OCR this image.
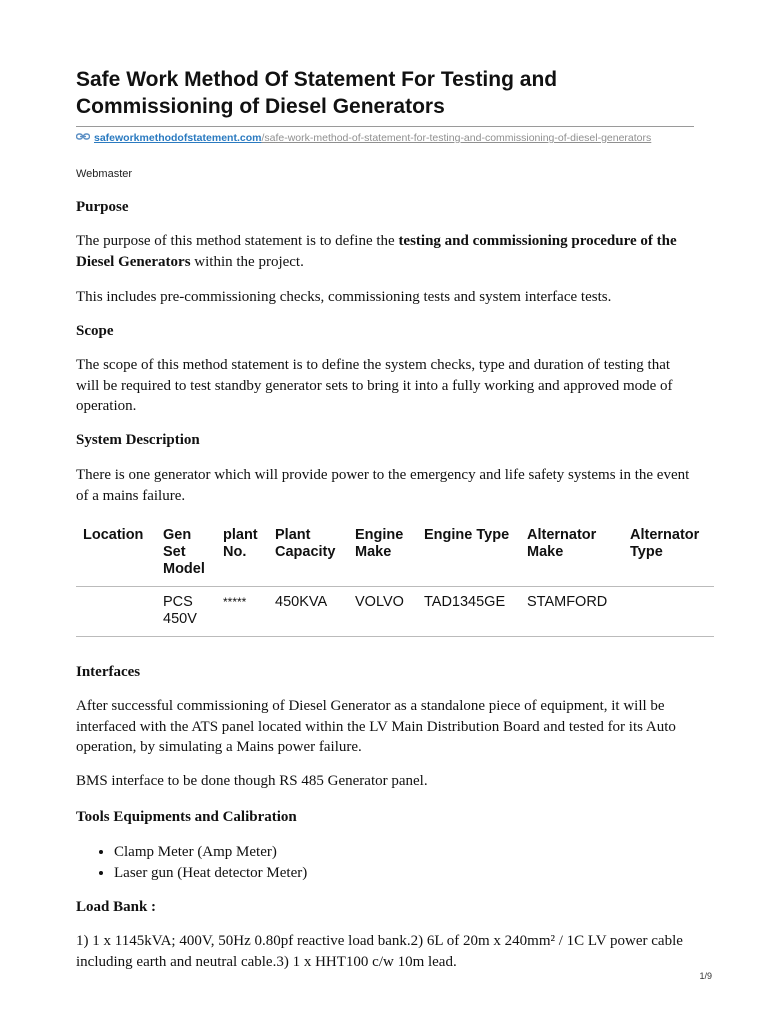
Safe Work Method Of Statement For Testing and Commissioning of Diesel Generators
safeworkmethodofstatement.com/safe-work-method-of-statement-for-testing-and-commissioning-of-diesel-generators
Webmaster
Purpose

The purpose of this method statement is to define the testing and commissioning procedure of the Diesel Generators within the project.

This includes pre-commissioning checks, commissioning tests and system interface tests.

Scope

The scope of this method statement is to define the system checks, type and duration of testing that will be required to test standby generator sets to bring it into a fully working and approved mode of operation.

System Description

There is one generator which will provide power to the emergency and life safety systems in the event of a mains failure.

Location	Gen Set Model	plant No.	Plant Capacity	Engine Make	Engine Type	Alternator Make	Alternator Type
	PCS 450V	*****	450KVA	VOLVO	TAD1345GE	STAMFORD	
Interfaces

After successful commissioning of Diesel Generator as a standalone piece of equipment, it will be interfaced with the ATS panel located within the LV Main Distribution Board and tested for its Auto operation, by simulating a Mains power failure.

BMS interface to be done though RS 485 Generator panel.

Tools Equipments and Calibration
• Clamp Meter (Amp Meter)
• Laser gun (Heat detector Meter)
Load Bank :

1) 1 x 1145kVA; 400V, 50Hz 0.80pf reactive load bank.2) 6L of 20m x 240mm² / 1C LV power cable including earth and neutral cable.3) 1 x HHT100 c/w 10m lead.

1/9
